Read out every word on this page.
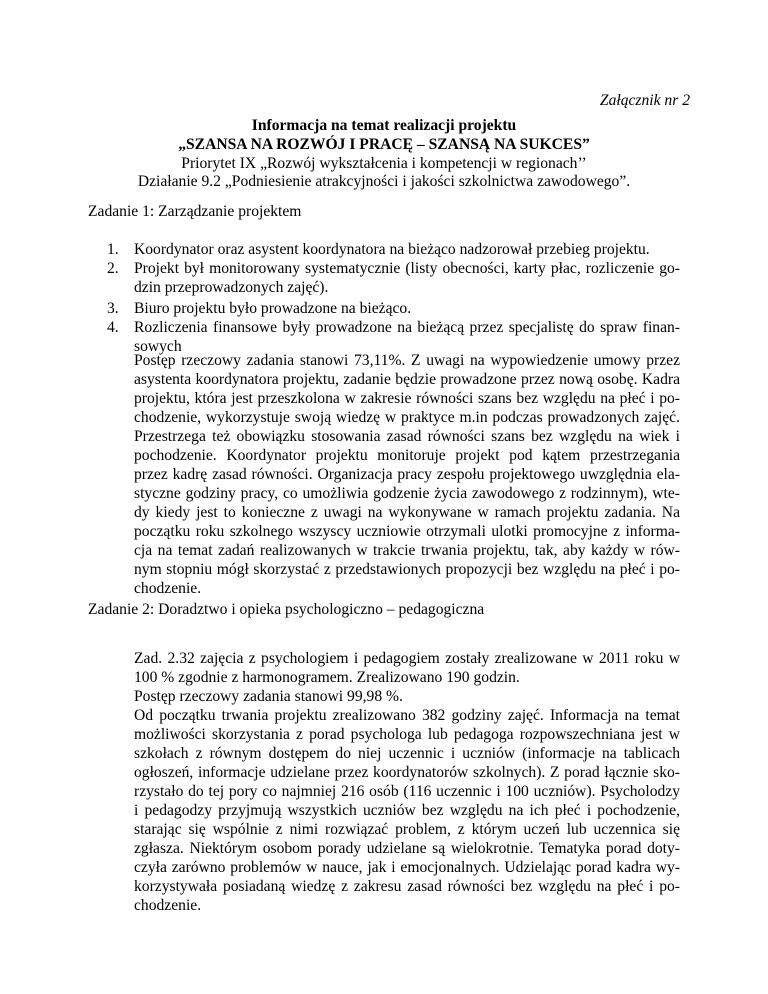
Załącznik nr 2
Informacja na temat realizacji projektu
„SZANSA NA ROZWÓJ I PRACĘ – SZANSĄ NA SUKCES”
Priorytet IX „Rozwój wykształcenia i kompetencji w regionach’’
Działanie 9.2 „Podniesienie atrakcyjności i jakości szkolnictwa zawodowego”.
Zadanie 1: Zarządzanie projektem
1. Koordynator oraz asystent koordynatora na bieżąco nadzorował przebieg projektu.
2. Projekt był monitorowany systematycznie (listy obecności, karty płac, rozliczenie go-
dzin przeprowadzonych zajęć).
3. Biuro projektu było prowadzone na bieżąco.
4. Rozliczenia finansowe były prowadzone na bieżącą przez specjalistę do spraw finan-
sowych
Postęp rzeczowy zadania stanowi 73,11%. Z uwagi na wypowiedzenie umowy przez
asystenta koordynatora projektu, zadanie będzie prowadzone przez nową osobę. Kadra
projektu, która jest przeszkolona w zakresie równości szans bez względu na płeć i po-
chodzenie, wykorzystuje swoją wiedzę w praktyce m.in podczas prowadzonych zajęć.
Przestrzega też obowiązku stosowania zasad równości szans bez względu na wiek i
pochodzenie. Koordynator projektu monitoruje projekt pod kątem przestrzegania
przez kadrę zasad równości. Organizacja pracy zespołu projektowego uwzględnia ela-
styczne godziny pracy, co umożliwia godzenie życia zawodowego z rodzinnym), wte-
dy kiedy jest to konieczne z uwagi na wykonywane w ramach projektu zadania. Na
początku roku szkolnego wszyscy uczniowie otrzymali ulotki promocyjne z informa-
cja na temat zadań realizowanych w trakcie trwania projektu, tak, aby każdy w rów-
nym stopniu mógł skorzystać z przedstawionych propozycji bez względu na płeć i po-
chodzenie.
Zadanie 2: Doradztwo i opieka psychologiczno – pedagogiczna
Zad. 2.32 zajęcia z psychologiem i pedagogiem zostały zrealizowane w 2011 roku w
100 % zgodnie z harmonogramem. Zrealizowano 190 godzin.
Postęp rzeczowy zadania stanowi 99,98 %.
Od początku trwania projektu zrealizowano 382 godziny zajęć. Informacja na temat
możliwości skorzystania z porad psychologa lub pedagoga rozpowszechniana jest w
szkołach z równym dostępem do niej uczennic i uczniów (informacje na tablicach
ogłoszeń, informacje udzielane przez koordynatorów szkolnych). Z porad łącznie sko-
rzystało do tej pory co najmniej 216 osób (116 uczennic i 100 uczniów). Psycholodzy
i pedagodzy przyjmują wszystkich uczniów bez względu na ich płeć i pochodzenie,
starając się wspólnie z nimi rozwiązać problem, z którym uczeń lub uczennica się
zgłasza. Niektórym osobom porady udzielane są wielokrotnie. Tematyka porad doty-
czyła zarówno problemów w nauce, jak i emocjonalnych. Udzielając porad kadra wy-
korzystywała posiadaną wiedzę z zakresu zasad równości bez względu na płeć i po-
chodzenie.
